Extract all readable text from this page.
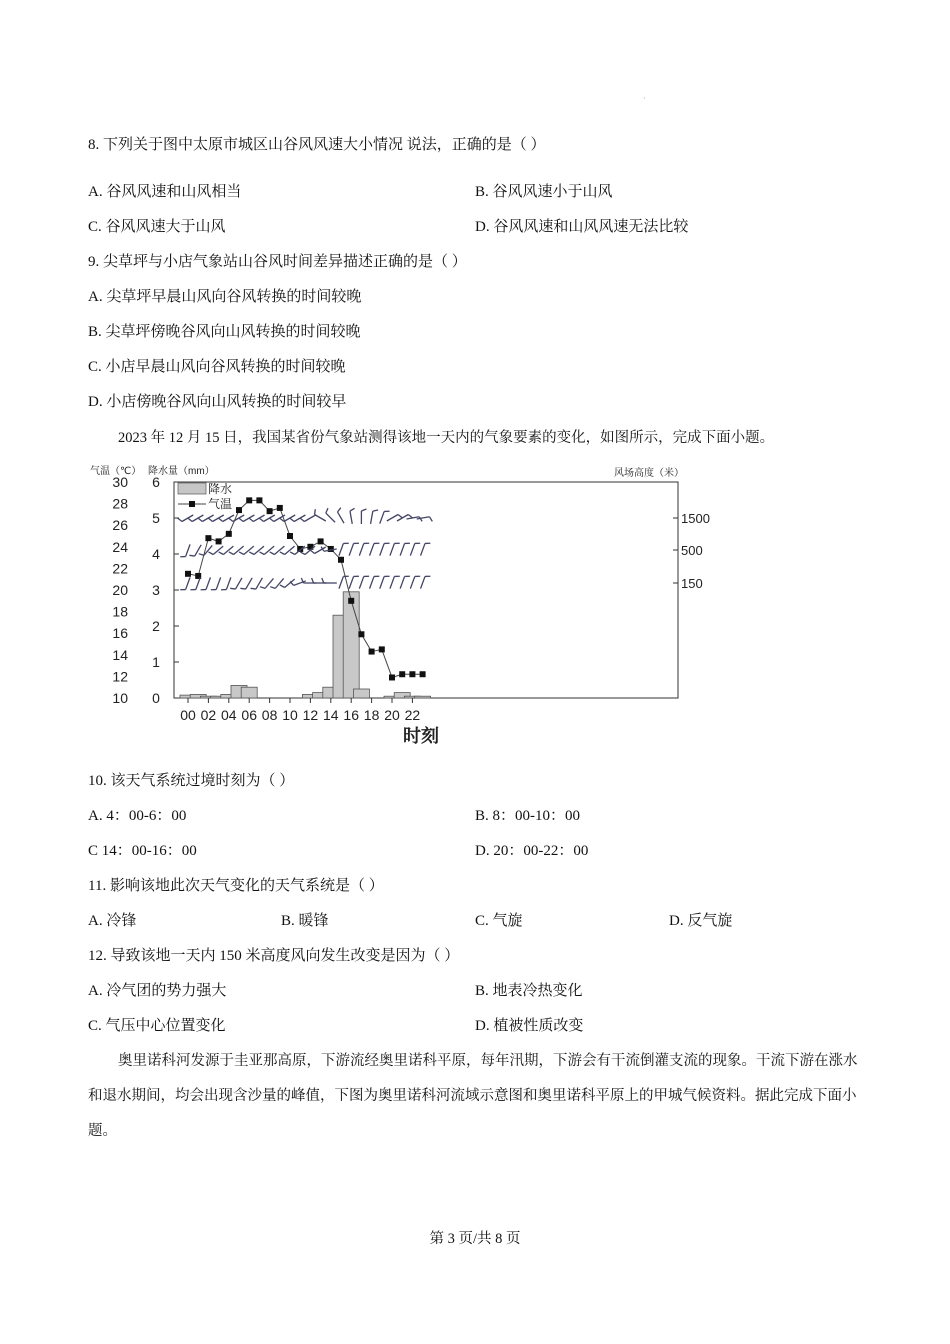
·
8. 下列关于图中太原市城区山谷风风速大小情况 说法，正确的是（ ）
A. 谷风风速和山风相当	B. 谷风风速小于山风
C. 谷风风速大于山风	D. 谷风风速和山风风速无法比较
9. 尖草坪与小店气象站山谷风时间差异描述正确的是（ ）
A. 尖草坪早晨山风向谷风转换的时间较晚
B. 尖草坪傍晚谷风向山风转换的时间较晚
C. 小店早晨山风向谷风转换的时间较晚
D. 小店傍晚谷风向山风转换的时间较早
2023 年 12 月 15 日，我国某省份气象站测得该地一天内的气象要素的变化，如图所示，完成下面小题。
气温（℃） 降水量（mm）	风场高度（米）
30
28
26
24
22
20
18
16
14
12
10
6
5
4
3
2
1
0
1500
500
150
00 02 04 06 08 10 12 14 16 18 20 22
时刻
降水
气温
10. 该天气系统过境时刻为（ ）
A. 4：00-6：00	B. 8：00-10：00
C 14：00-16：00	D. 20：00-22：00
11. 影响该地此次天气变化的天气系统是（ ）
A. 冷锋	B. 暖锋	C. 气旋	D. 反气旋
12. 导致该地一天内 150 米高度风向发生改变是因为（ ）
A. 冷气团的势力强大	B. 地表冷热变化
C. 气压中心位置变化	D. 植被性质改变
奥里诺科河发源于圭亚那高原，下游流经奥里诺科平原，每年汛期，下游会有干流倒灌支流的现象。干流下游在涨水和退水期间，均会出现含沙量的峰值，下图为奥里诺科河流域示意图和奥里诺科平原上的甲城气候资料。据此完成下面小题。
第 3 页/共 8 页
